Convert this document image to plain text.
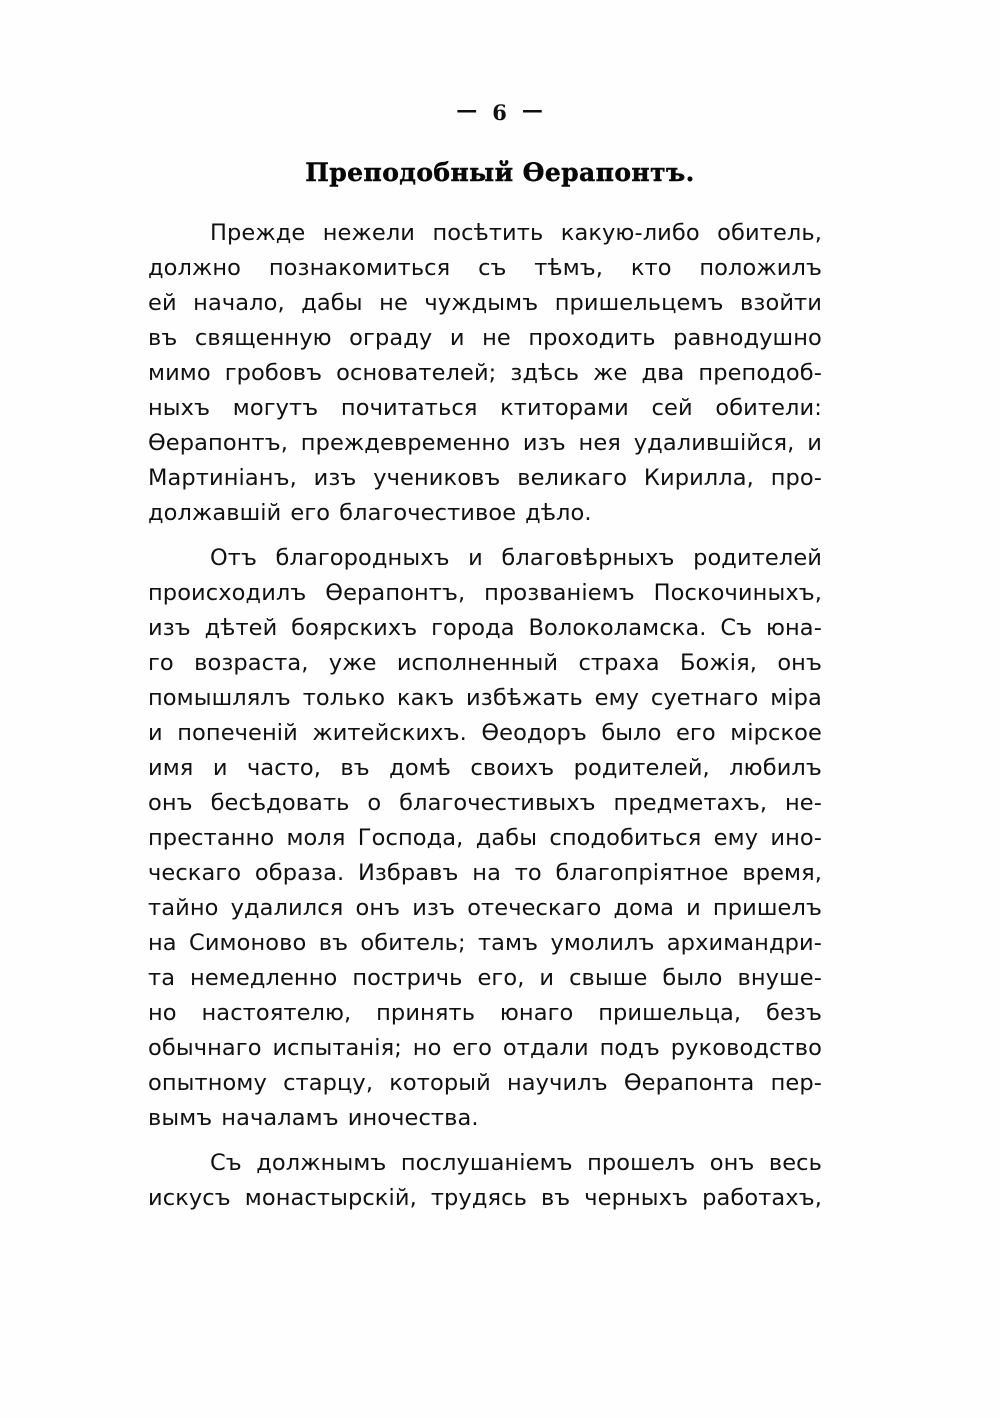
— 6 —
Преподобный Ѳерапонтъ.
Прежде нежели посѣтить какую-либо обитель,
должно познакомиться съ тѣмъ, кто положилъ
ей начало, дабы не чуждымъ пришельцемъ взойти
въ священную ограду и не проходить равнодушно
мимо гробовъ основателей; здѣсь же два преподоб-
ныхъ могутъ почитаться ктиторами сей обители:
Ѳерапонтъ, преждевременно изъ нея удалившійся, и
Мартиніанъ, изъ учениковъ великаго Кирилла, про-
должавшій его благочестивое дѣло.
Отъ благородныхъ и благовѣрныхъ родителей
происходилъ Ѳерапонтъ, прозваніемъ Поскочиныхъ,
изъ дѣтей боярскихъ города Волоколамска. Съ юна-
го возраста, уже исполненный страха Божія, онъ
помышлялъ только какъ избѣжать ему суетнаго міра
и попеченій житейскихъ. Ѳеодоръ было его мірское
имя и часто, въ домѣ своихъ родителей, любилъ
онъ бесѣдовать о благочестивыхъ предметахъ, не-
престанно моля Господа, дабы сподобиться ему ино-
ческаго образа. Избравъ на то благопріятное время,
тайно удалился онъ изъ отеческаго дома и пришелъ
на Симоново въ обитель; тамъ умолилъ архимандри-
та немедленно постричь его, и свыше было внуше-
но настоятелю, принять юнаго пришельца, безъ
обычнаго испытанія; но его отдали подъ руководство
опытному старцу, который научилъ Ѳерапонта пер-
вымъ началамъ иночества.
Съ должнымъ послушаніемъ прошелъ онъ весь
искусъ монастырскій, трудясь въ черныхъ работахъ,
